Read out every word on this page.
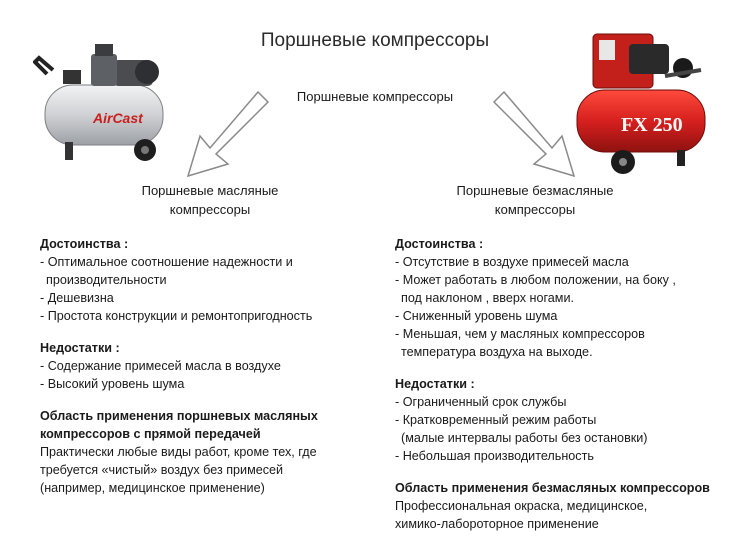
Поршневые компрессоры
Поршневые компрессоры
AirCast	FX 250
Поршневые масляные
компрессоры
Поршневые безмасляные
компрессоры
Достоинства :
- Оптимальное соотношение надежности и
производительности
- Дешевизна
- Простота конструкции и ремонтопригодность
Недостатки :
- Содержание примесей масла в воздухе
- Высокий уровень шума
Область применения поршневых масляных
компрессоров с прямой передачей
Практически любые виды работ, кроме тех, где
требуется «чистый» воздух без примесей
(например, медицинское применение)
Достоинства :
- Отсутствие в воздухе примесей масла
- Может работать в любом положении, на боку ,
под наклоном , вверх ногами.
- Сниженный уровень шума
- Меньшая, чем у масляных компрессоров
температура воздуха на выходе.
Недостатки :
- Ограниченный срок службы
- Кратковременный режим работы
(малые интервалы работы без остановки)
- Небольшая производительность
Область применения безмасляных компрессоров
Профессиональная окраска, медицинское,
химико-лабороторное применение
